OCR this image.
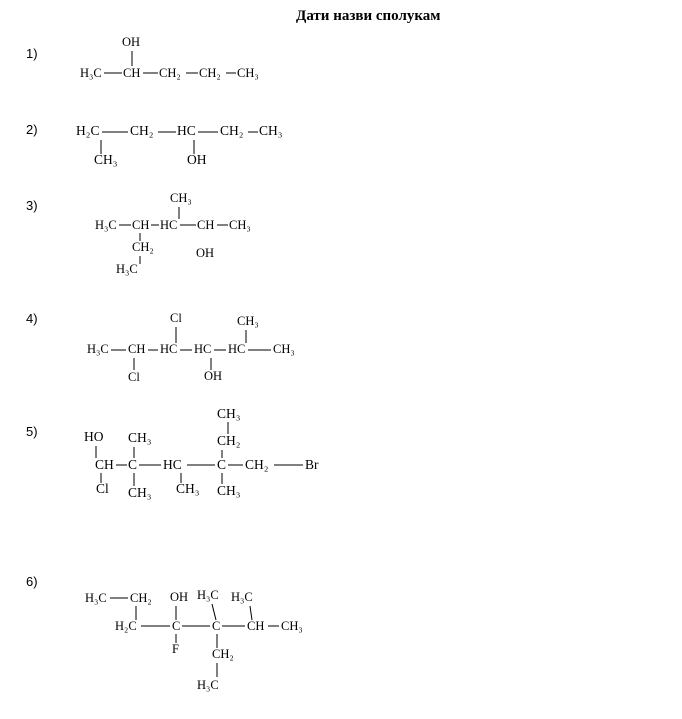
Дати назви сполукам
1)
2)
3)
4)
5)
6)
OH
H₃C CH CH₂ CH₂ CH₃
H₂C CH₂ HC CH₂ CH₃
CH₃	OH
CH₃
H₃C CH HC CH CH₃
CH₂	OH
H₃C
Cl	CH₃
H₃C CH HC HC HC CH₃
Cl	OH
CH₃
HO CH₃	CH₂
CH C HC	C CH₂	Br
Cl CH₃ CH₃ CH₃
H₃C CH₂ OH H₃C H₃C
H₂C	C	C CH CH₃
F	CH₂
H₃C
